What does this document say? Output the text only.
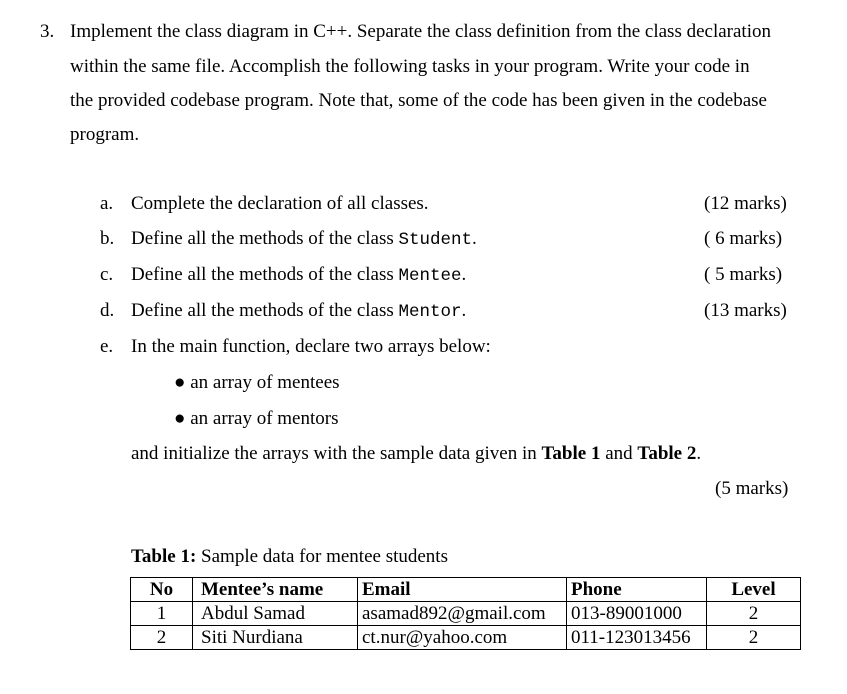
3. Implement the class diagram in C++. Separate the class definition from the class declaration
within the same file. Accomplish the following tasks in your program. Write your code in
the provided codebase program. Note that, some of the code has been given in the codebase
program.
a. Complete the declaration of all classes.	(12 marks)
b. Define all the methods of the class Student.	( 6 marks)
c. Define all the methods of the class Mentee.	( 5 marks)
d. Define all the methods of the class Mentor.	(13 marks)
e. In the main function, declare two arrays below:
● an array of mentees
● an array of mentors
and initialize the arrays with the sample data given in Table 1 and Table 2.
(5 marks)
Table 1: Sample data for mentee students
No	Mentee’s name	Email	Phone	Level
1	Abdul Samad	asamad892@gmail.com	013-89001000	2
2	Siti Nurdiana	ct.nur@yahoo.com	011-123013456	2
